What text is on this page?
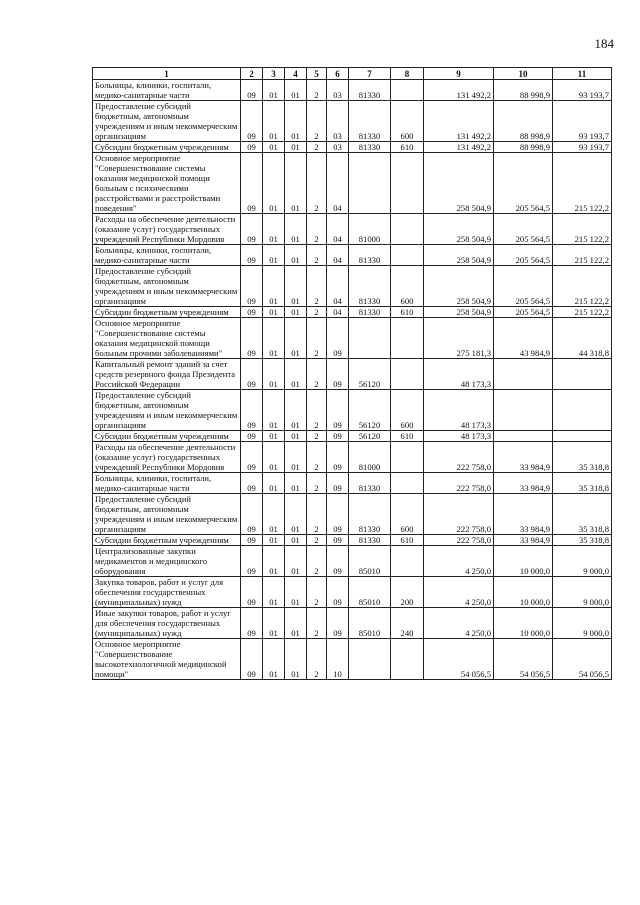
184
1	2	3	4	5	6	7	8	9	10	11
Больницы, клиники, госпитали, медико-санитарные части	09	01	01	2	03	81330		131 492,2	88 998,9	93 193,7
Предоставление субсидий бюджетным, автономным учреждениям и иным некоммерческим организациям	09	01	01	2	03	81330	600	131 492,2	88 998,9	93 193,7
Субсидии бюджетным учреждениям	09	01	01	2	03	81330	610	131 492,2	88 998,9	93 193,7
Основное мероприятие "Совершенствование системы оказания медицинской помощи больным с психическими расстройствами и расстройствами поведения"	09	01	01	2	04			258 504,9	205 564,5	215 122,2
Расходы на обеспечение деятельности (оказание услуг) государственных учреждений Республики Мордовия	09	01	01	2	04	81000		258 504,9	205 564,5	215 122,2
Больницы, клиники, госпитали, медико-санитарные части	09	01	01	2	04	81330		258 504,9	205 564,5	215 122,2
Предоставление субсидий бюджетным, автономным учреждениям и иным некоммерческим организациям	09	01	01	2	04	81330	600	258 504,9	205 564,5	215 122,2
Субсидии бюджетным учреждениям	09	01	01	2	04	81330	610	258 504,9	205 564,5	215 122,2
Основное мероприятие "Совершенствование системы оказания медицинской помощи больным прочими заболеваниями"	09	01	01	2	09			275 181,3	43 984,9	44 318,8
Капитальный ремонт зданий за счет средств резервного фонда Президента Российской Федерации	09	01	01	2	09	56120		48 173,3		
Предоставление субсидий бюджетным, автономным учреждениям и иным некоммерческим организациям	09	01	01	2	09	56120	600	48 173,3		
Субсидии бюджетным учреждениям	09	01	01	2	09	56120	610	48 173,3		
Расходы на обеспечение деятельности (оказание услуг) государственных учреждений Республики Мордовия	09	01	01	2	09	81000		222 758,0	33 984,9	35 318,8
Больницы, клиники, госпитали, медико-санитарные части	09	01	01	2	09	81330		222 758,0	33 984,9	35 318,8
Предоставление субсидий бюджетным, автономным учреждениям и иным некоммерческим организациям	09	01	01	2	09	81330	600	222 758,0	33 984,9	35 318,8
Субсидии бюджетным учреждениям	09	01	01	2	09	81330	610	222 758,0	33 984,9	35 318,8
Централизованные закупки медикаментов и медицинского оборудования	09	01	01	2	09	85010		4 250,0	10 000,0	9 000,0
Закупка товаров, работ и услуг для обеспечения государственных (муниципальных) нужд	09	01	01	2	09	85010	200	4 250,0	10 000,0	9 000,0
Иные закупки товаров, работ и услуг для обеспечения государственных (муниципальных) нужд	09	01	01	2	09	85010	240	4 250,0	10 000,0	9 000,0
Основное мероприятие "Совершенствование высокотехнологичной медицинской помощи"	09	01	01	2	10			54 056,5	54 056,5	54 056,5
